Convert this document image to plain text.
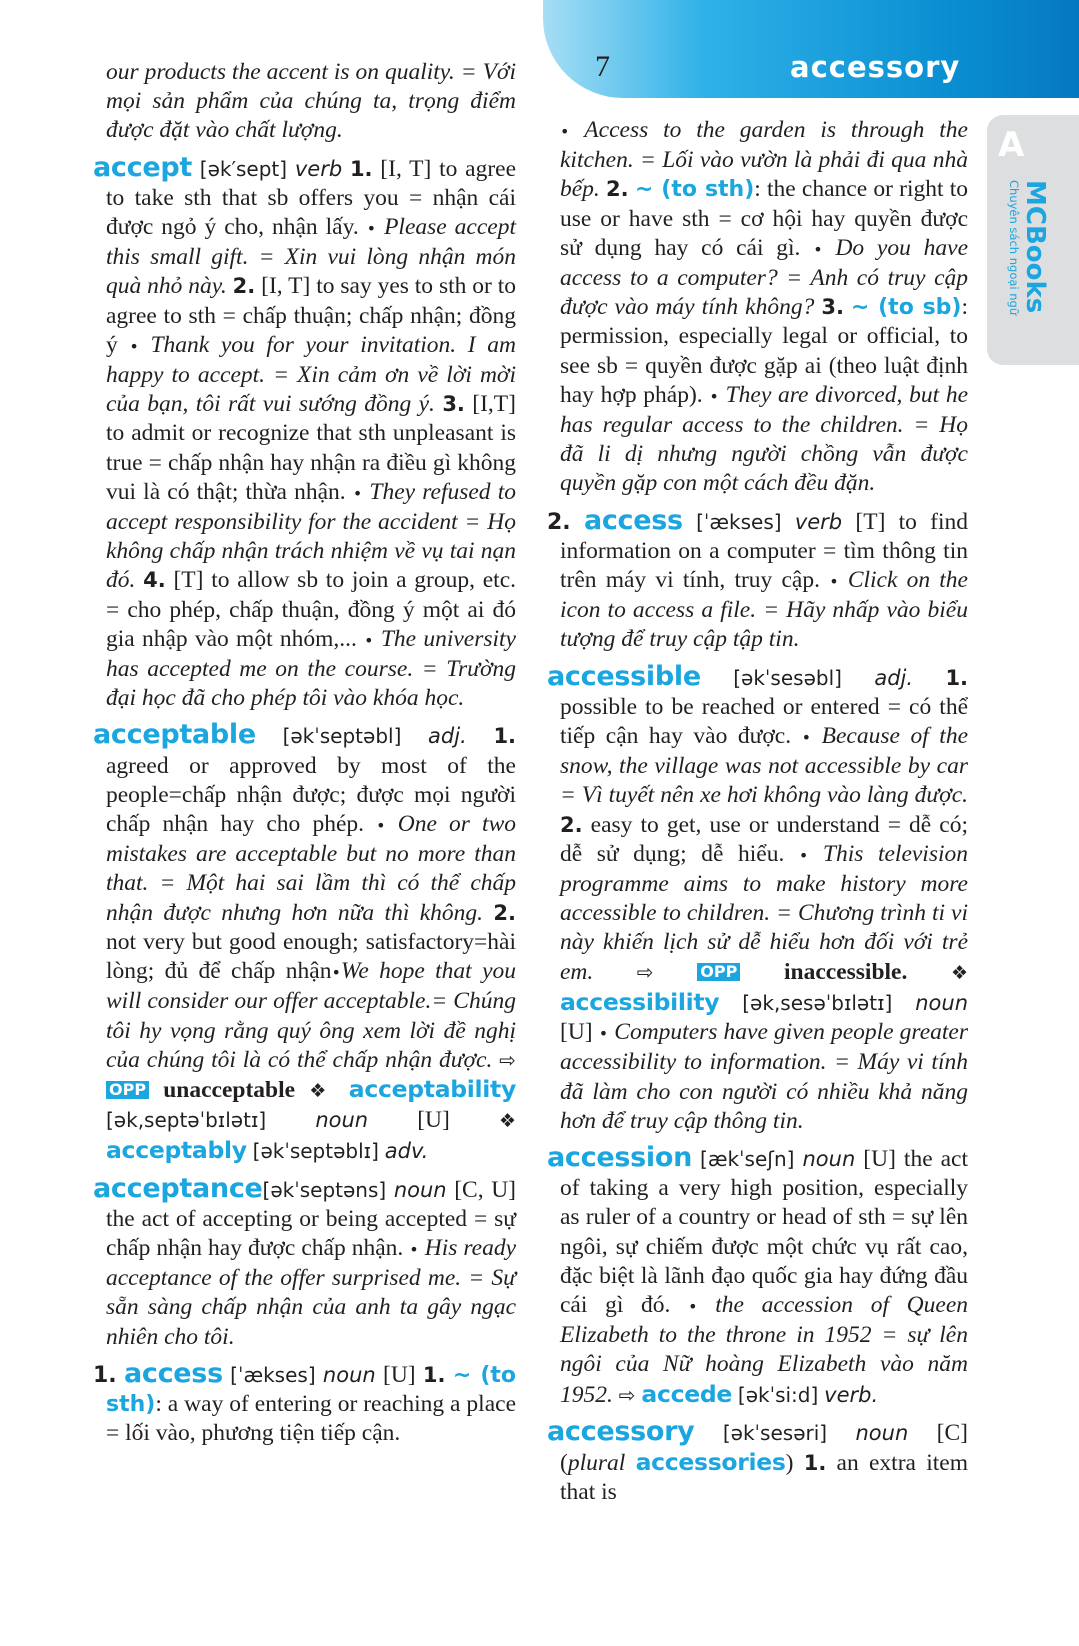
7	accessory
A
MCBooks
Chuyên sách ngoại ngữ

our products the accent is on quality. = Với mọi sản phẩm của chúng ta, trọng điểm được đặt vào chất lượng.

accept [ək′sept] verb 1. [I, T] to agree to take sth that sb offers you = nhận cái được ngỏ ý cho, nhận lấy. • Please accept this small gift. = Xin vui lòng nhận món quà nhỏ này. 2. [I, T] to say yes to sth or to agree to sth = chấp thuận; chấp nhận; đồng ý • Thank you for your invitation. I am happy to accept. = Xin cảm ơn về lời mời của bạn, tôi rất vui sướng đồng ý. 3. [I,T] to admit or recognize that sth unpleasant is true = chấp nhận hay nhận ra điều gì không vui là có thật; thừa nhận. • They refused to accept responsibility for the accident = Họ không chấp nhận trách nhiệm về vụ tai nạn đó. 4. [T] to allow sb to join a group, etc. = cho phép, chấp thuận, đồng ý một ai đó gia nhập vào một nhóm,... • The university has accepted me on the course. = Trường đại học đã cho phép tôi vào khóa học.

acceptable [əkˈseptəbl] adj. 1. agreed or approved by most of the people=chấp nhận được; được mọi người chấp nhận hay cho phép. • One or two mistakes are acceptable but no more than that. = Một hai sai lầm thì có thể chấp nhận được nhưng hơn nữa thì không. 2. not very but good enough; satisfactory=hài lòng; đủ để chấp nhận•We hope that you will consider our offer acceptable.= Chúng tôi hy vọng rằng quý ông xem lời đề nghị của chúng tôi là có thể chấp nhận được. ⇨ OPP unacceptable ❖ acceptability [ək,septəˈbɪlətɪ] noun [U] ❖ acceptably [əkˈseptəblɪ] adv.

acceptance[əkˈseptəns] noun [C, U] the act of accepting or being accepted = sự chấp nhận hay được chấp nhận. • His ready acceptance of the offer surprised me. = Sự sẵn sàng chấp nhận của anh ta gây ngạc nhiên cho tôi.

1. access [ˈækses] noun [U] 1. ~ (to sth): a way of entering or reaching a place = lối vào, phương tiện tiếp cận.

• Access to the garden is through the kitchen. = Lối vào vườn là phải đi qua nhà bếp. 2. ~ (to sth): the chance or right to use or have sth = cơ hội hay quyền được sử dụng hay có cái gì. • Do you have access to a computer? = Anh có truy cập được vào máy tính không? 3. ~ (to sb): permission, especially legal or official, to see sb = quyền được gặp ai (theo luật định hay hợp pháp). • They are divorced, but he has regular access to the children. = Họ đã li dị nhưng người chồng vẫn được quyền gặp con một cách đều đặn.

2. access [ˈækses] verb [T] to find information on a computer = tìm thông tin trên máy vi tính, truy cập. • Click on the icon to access a file. = Hãy nhấp vào biểu tượng để truy cập tập tin.

accessible [əkˈsesəbl] adj. 1. possible to be reached or entered = có thể tiếp cận hay vào được. • Because of the snow, the village was not accessible by car = Vì tuyết nên xe hơi không vào làng được. 2. easy to get, use or understand = dễ có; dễ sử dụng; dễ hiểu. • This television programme aims to make history more accessible to children. = Chương trình ti vi này khiến lịch sử dễ hiểu hơn đối với trẻ em. ⇨	OPP inaccessible. ❖ accessibility [ək,sesəˈbɪlətɪ] noun [U] • Computers have given people greater accessibility to information. = Máy vi tính đã làm cho con người có nhiều khả năng hơn để truy cập thông tin.

accession [ækˈseʃn] noun [U] the act of taking a very high position, especially as ruler of a country or head of sth = sự lên ngôi, sự chiếm được một chức vụ rất cao, đặc biệt là lãnh đạo quốc gia hay đứng đầu cái gì đó. • the accession of Queen Elizabeth to the throne in 1952 = sự lên ngôi của Nữ hoàng Elizabeth vào năm 1952. ⇨ accede [əkˈsi:d] verb.

accessory [əkˈsesəri] noun [C] (plural accessories) 1. an extra item that is
